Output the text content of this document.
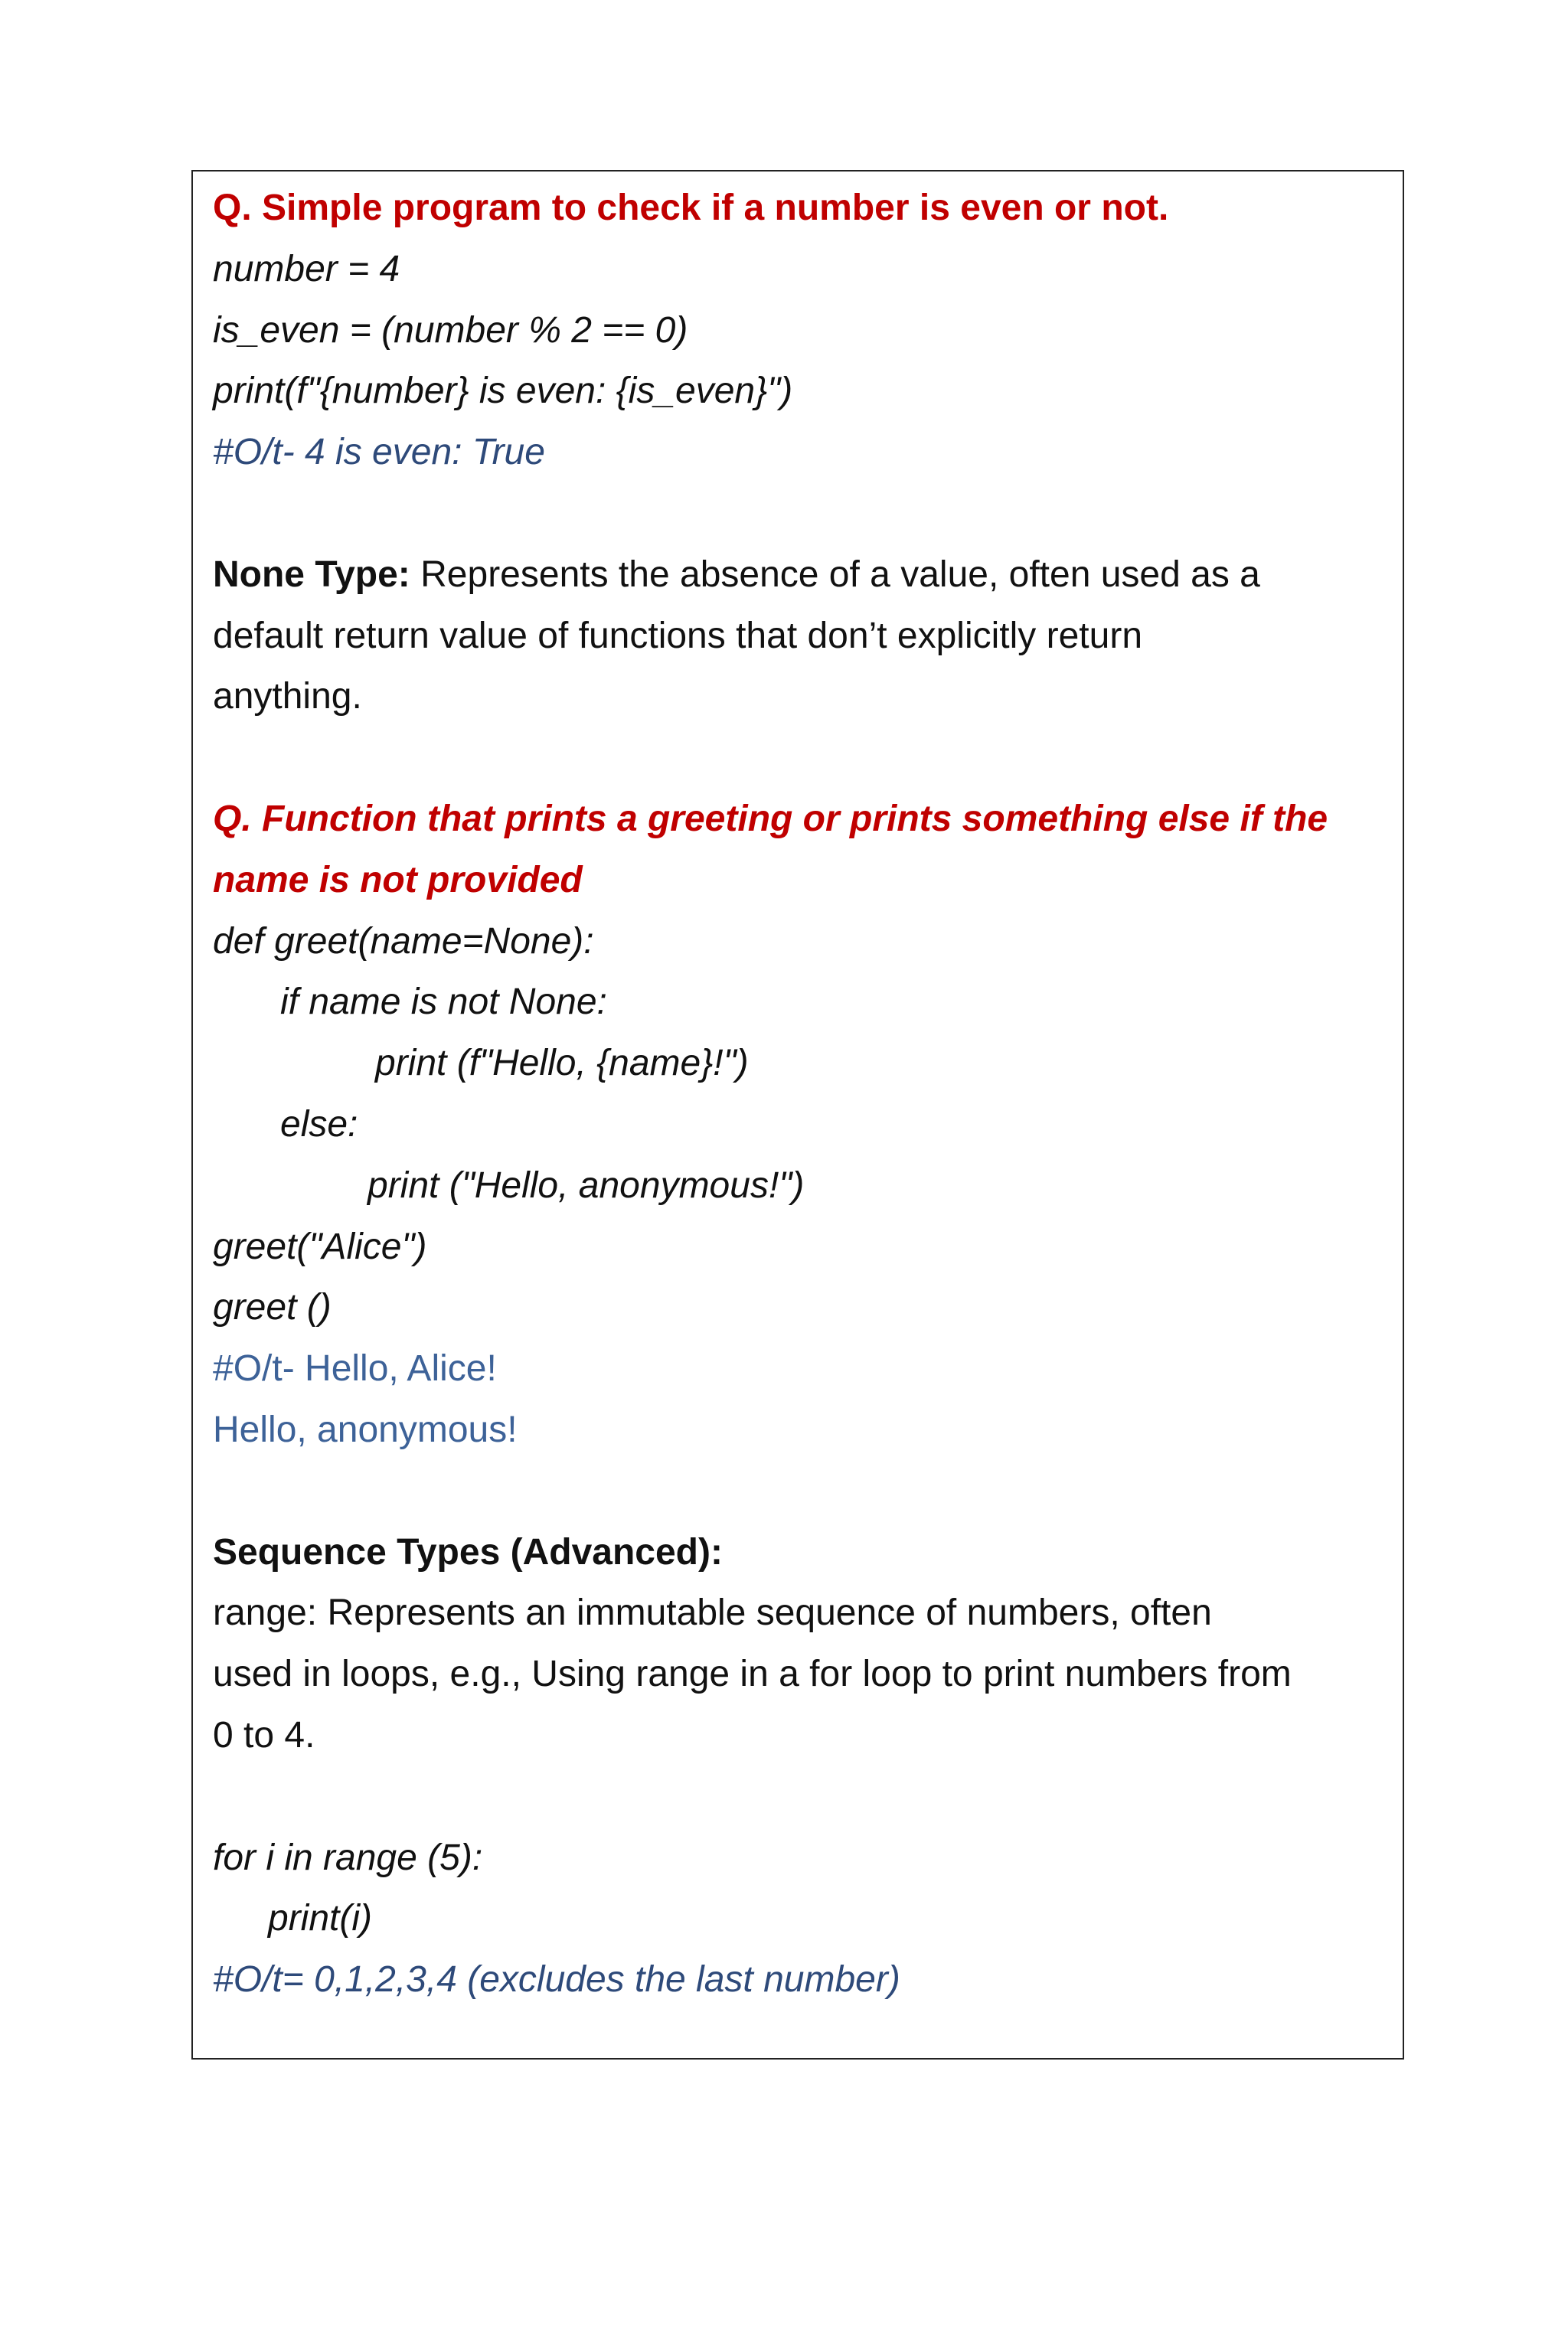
Q. Simple program to check if a number is even or not.
number = 4
is_even = (number % 2 == 0)
print(f"{number} is even: {is_even}")
#O/t- 4 is even: True
None Type: Represents the absence of a value, often used as a
default return value of functions that don’t explicitly return
anything.
Q. Function that prints a greeting or prints something else if the
name is not provided
def greet(name=None):
if name is not None:
print (f"Hello, {name}!")
else:
print ("Hello, anonymous!")
greet("Alice")
greet ()
#O/t- Hello, Alice!
Hello, anonymous!
Sequence Types (Advanced):
range: Represents an immutable sequence of numbers, often
used in loops, e.g., Using range in a for loop to print numbers from
0 to 4.
for i in range (5):
print(i)
#O/t= 0,1,2,3,4 (excludes the last number)
